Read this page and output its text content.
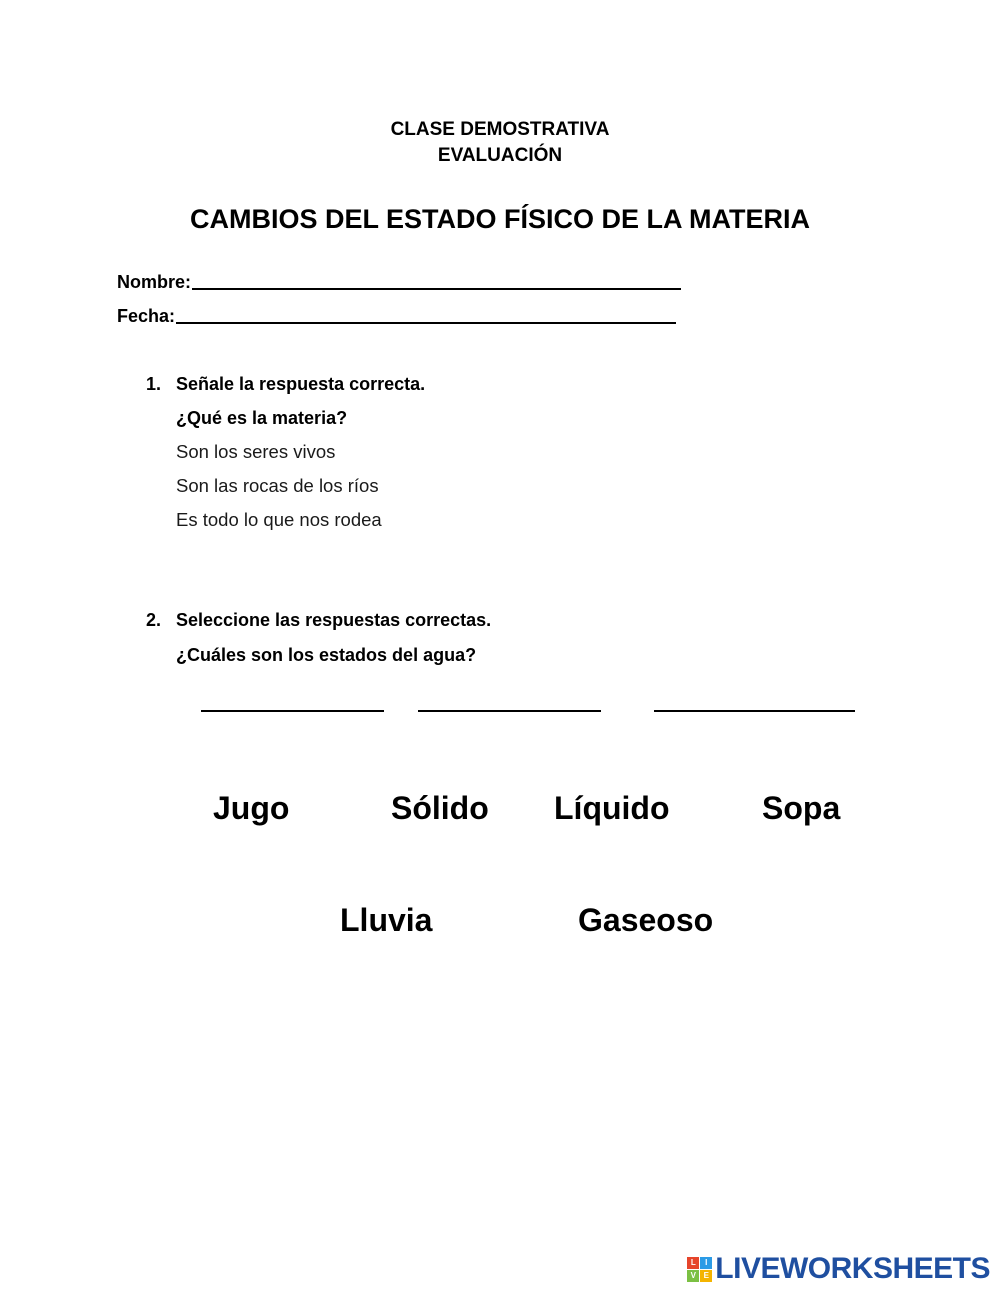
CLASE DEMOSTRATIVA
EVALUACIÓN
CAMBIOS DEL ESTADO FÍSICO DE LA MATERIA
Nombre:
Fecha:
1. Señale la respuesta correcta.
¿Qué es la materia?
Son los seres vivos
Son las rocas de los ríos
Es todo lo que nos rodea
2. Seleccione las respuestas correctas.
¿Cuáles son los estados del agua?
Jugo	Sólido Líquido	Sopa
Lluvia	Gaseoso
L	I
V E LIVEWORKSHEETS
